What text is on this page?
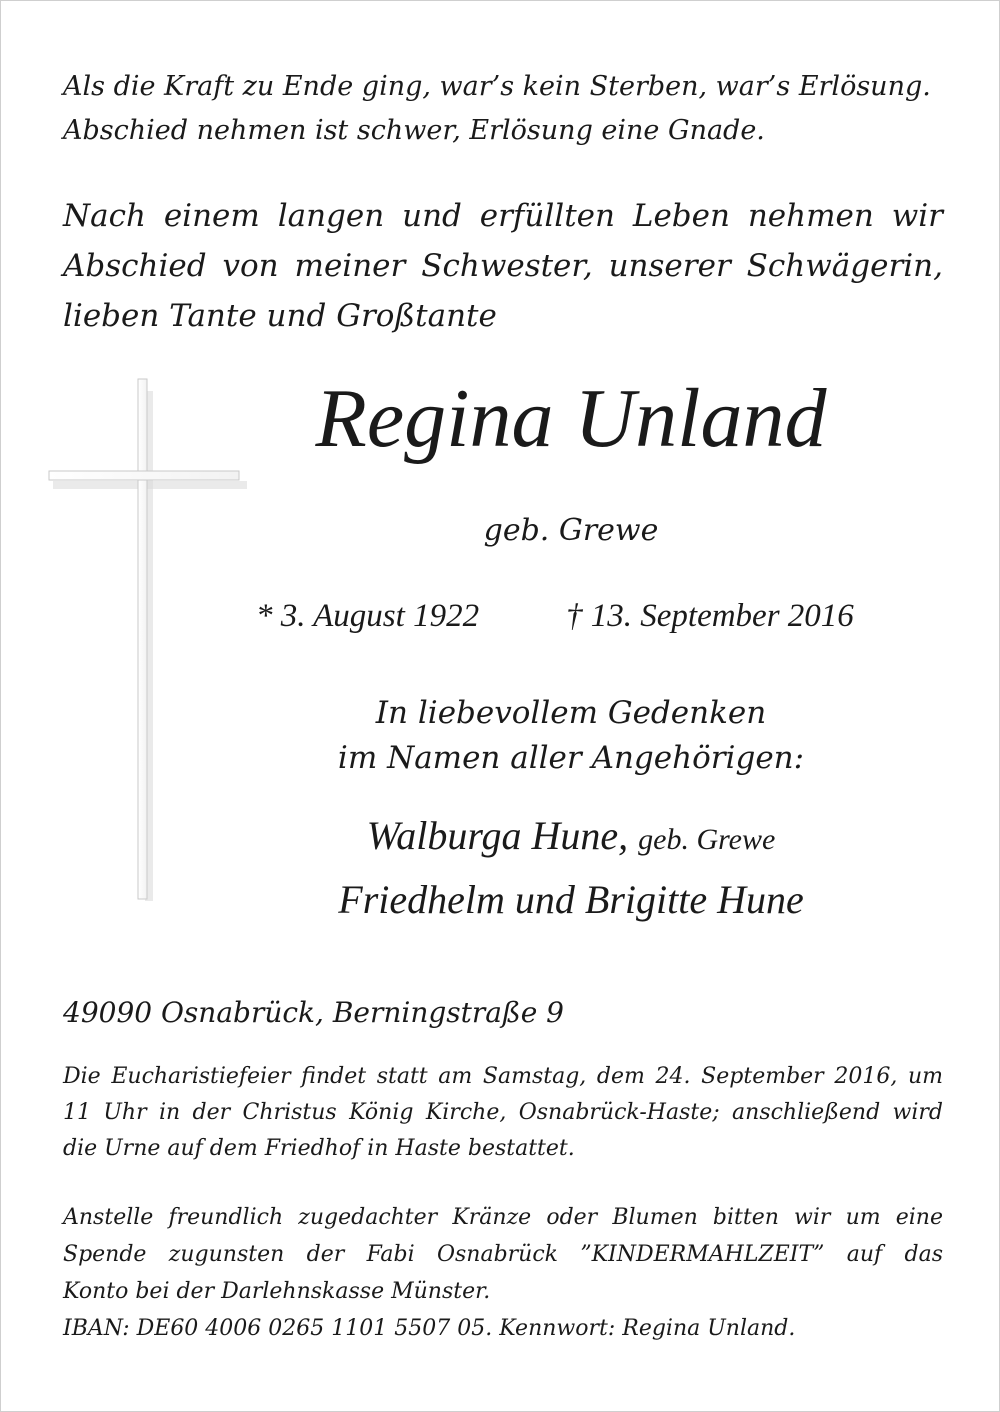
Als die Kraft zu Ende ging, war’s kein Sterben, war’s Erlösung.
Abschied nehmen ist schwer, Erlösung eine Gnade.
Nach einem langen und erfüllten Leben nehmen wir
Abschied von meiner Schwester, unserer Schwägerin,
lieben Tante und Großtante
Regina Unland
geb. Grewe
* 3. August 1922	† 13. September 2016
In liebevollem Gedenken
im Namen aller Angehörigen:
Walburga Hune, geb. Grewe
Friedhelm und Brigitte Hune
49090 Osnabrück, Berningstraße 9
Die Eucharistiefeier findet statt am Samstag, dem 24. September 2016, um
11 Uhr in der Christus König Kirche, Osnabrück-Haste; anschließend wird
die Urne auf dem Friedhof in Haste bestattet.
Anstelle freundlich zugedachter Kränze oder Blumen bitten wir um eine
Spende zugunsten der Fabi Osnabrück ”KINDERMAHLZEIT” auf das
Konto bei der Darlehnskasse Münster.
IBAN: DE60 4006 0265 1101 5507 05. Kennwort: Regina Unland.
